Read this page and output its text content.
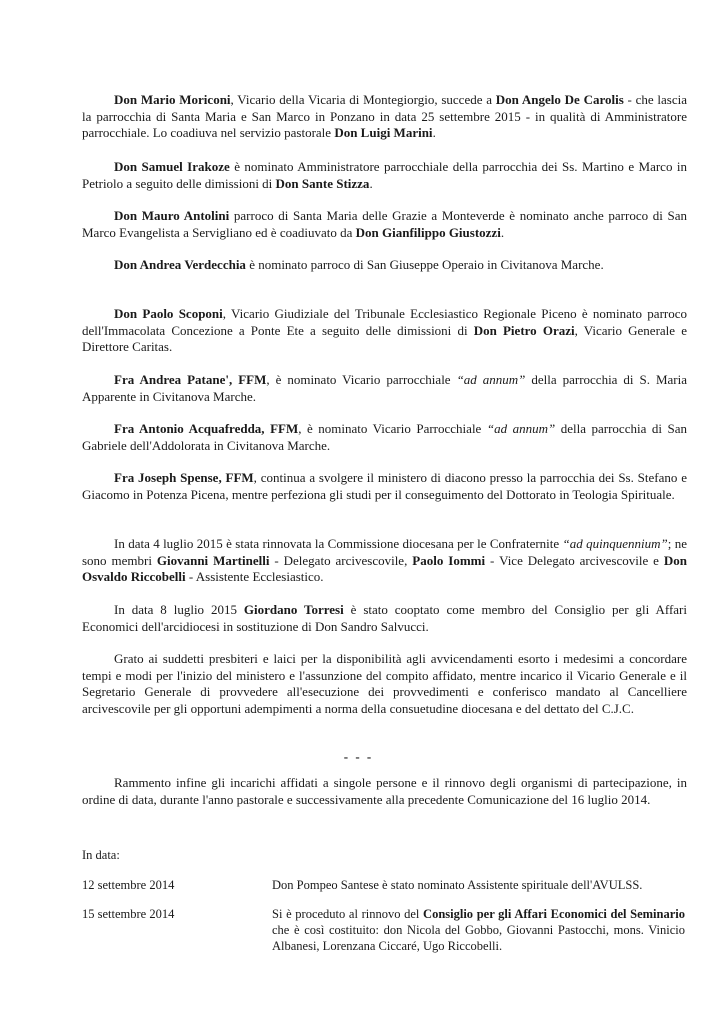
Don Mario Moriconi, Vicario della Vicaria di Montegiorgio, succede a Don Angelo De Carolis - che lascia la parrocchia di Santa Maria e San Marco in Ponzano in data 25 settembre 2015 - in qualità di Amministratore parrocchiale. Lo coadiuva nel servizio pastorale Don Luigi Marini.

Don Samuel Irakoze è nominato Amministratore parrocchiale della parrocchia dei Ss. Martino e Marco in Petriolo a seguito delle dimissioni di Don Sante Stizza.

Don Mauro Antolini parroco di Santa Maria delle Grazie a Monteverde è nominato anche parroco di San Marco Evangelista a Servigliano ed è coadiuvato da Don Gianfilippo Giustozzi.

Don Andrea Verdecchia è nominato parroco di San Giuseppe Operaio in Civitanova Marche.

Don Paolo Scoponi, Vicario Giudiziale del Tribunale Ecclesiastico Regionale Piceno è nominato parroco dell'Immacolata Concezione a Ponte Ete a seguito delle dimissioni di Don Pietro Orazi, Vicario Generale e Direttore Caritas.

Fra Andrea Patane', FFM, è nominato Vicario parrocchiale “ad annum” della parrocchia di S. Maria Apparente in Civitanova Marche.

Fra Antonio Acquafredda, FFM, è nominato Vicario Parrocchiale “ad annum” della parrocchia di San Gabriele dell'Addolorata in Civitanova Marche.

Fra Joseph Spense, FFM, continua a svolgere il ministero di diacono presso la parrocchia dei Ss. Stefano e Giacomo in Potenza Picena, mentre perfeziona gli studi per il conseguimento del Dottorato in Teologia Spirituale.

In data 4 luglio 2015 è stata rinnovata la Commissione diocesana per le Confraternite “ad quinquennium”; ne sono membri Giovanni Martinelli - Delegato arcivescovile, Paolo Iommi - Vice Delegato arcivescovile e Don Osvaldo Riccobelli - Assistente Ecclesiastico.

In data 8 luglio 2015 Giordano Torresi è stato cooptato come membro del Consiglio per gli Affari Economici dell'arcidiocesi in sostituzione di Don Sandro Salvucci.

Grato ai suddetti presbiteri e laici per la disponibilità agli avvicendamenti esorto i medesimi a concordare tempi e modi per l'inizio del ministero e l'assunzione del compito affidato, mentre incarico il Vicario Generale e il Segretario Generale di provvedere all'esecuzione dei provvedimenti e conferisco mandato al Cancelliere arcivescovile per gli opportuni adempimenti a norma della consuetudine diocesana e del dettato del C.J.C.

- - -

Rammento infine gli incarichi affidati a singole persone e il rinnovo degli organismi di partecipazione, in ordine di data, durante l'anno pastorale e successivamente alla precedente Comunicazione del 16 luglio 2014.

In data:
12 settembre 2014	Don Pompeo Santese è stato nominato Assistente spirituale dell'AVULSS.
15 settembre 2014	Si è proceduto al rinnovo del Consiglio per gli Affari Economici del Seminario che è così costituito: don Nicola del Gobbo, Giovanni Pastocchi, mons. Vinicio Albanesi, Lorenzana Ciccaré, Ugo Riccobelli.
